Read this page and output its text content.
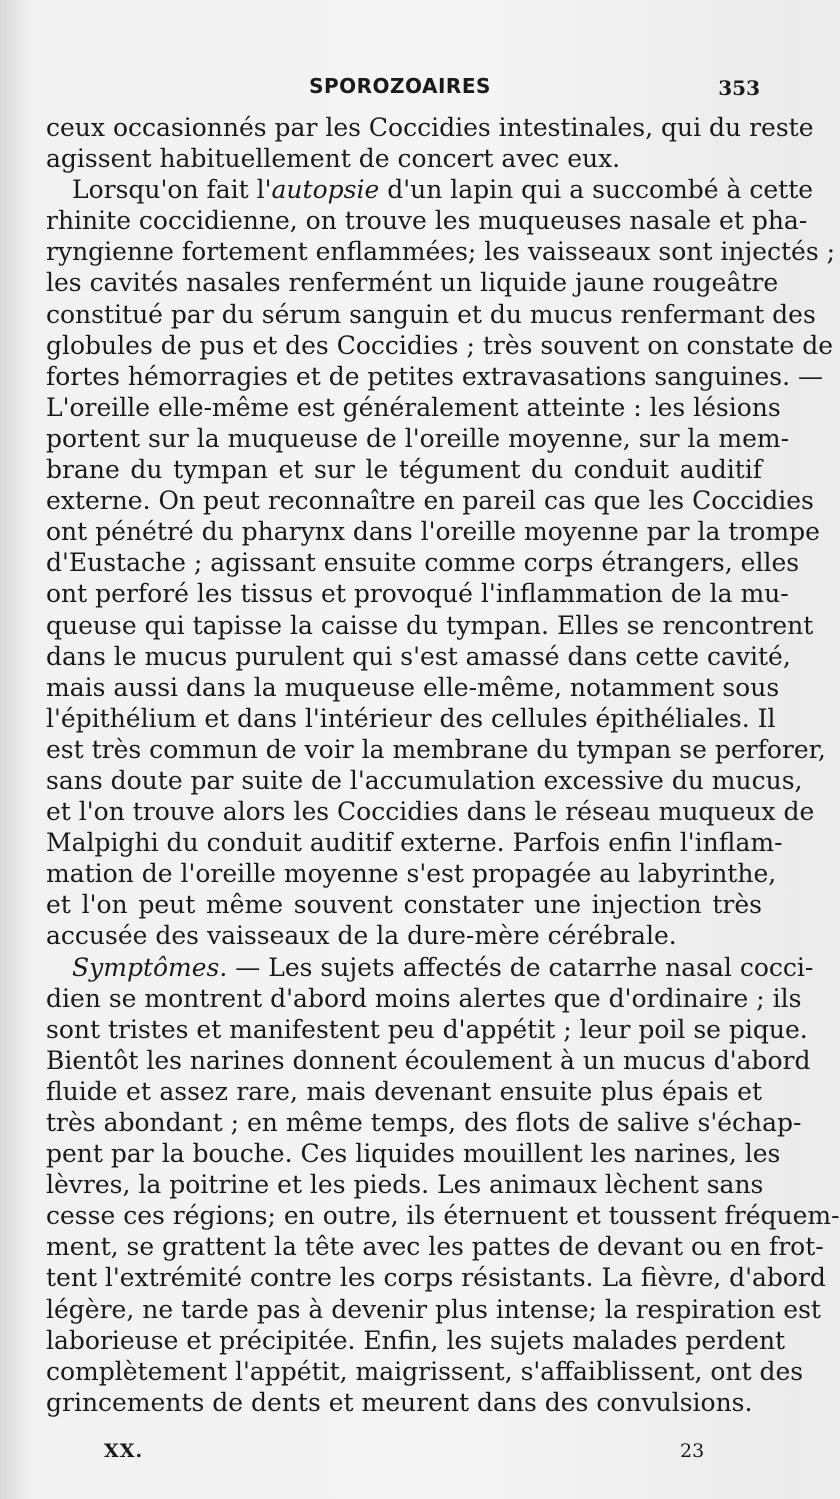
SPOROZOAIRES	353
ceux occasionnés par les Coccidies intestinales, qui du reste
agissent habituellement de concert avec eux.
Lorsqu'on fait l'autopsie d'un lapin qui a succombé à cette
rhinite coccidienne, on trouve les muqueuses nasale et pha-
ryngienne fortement enflammées; les vaisseaux sont injectés ;
les cavités nasales renfermént un liquide jaune rougeâtre
constitué par du sérum sanguin et du mucus renfermant des
globules de pus et des Coccidies ; très souvent on constate de
fortes hémorragies et de petites extravasations sanguines. —
L'oreille elle-même est généralement atteinte : les lésions
portent sur la muqueuse de l'oreille moyenne, sur la mem-
brane du tympan et sur le tégument du conduit auditif
externe. On peut reconnaître en pareil cas que les Coccidies
ont pénétré du pharynx dans l'oreille moyenne par la trompe
d'Eustache ; agissant ensuite comme corps étrangers, elles
ont perforé les tissus et provoqué l'inflammation de la mu-
queuse qui tapisse la caisse du tympan. Elles se rencontrent
dans le mucus purulent qui s'est amassé dans cette cavité,
mais aussi dans la muqueuse elle-même, notamment sous
l'épithélium et dans l'intérieur des cellules épithéliales. Il
est très commun de voir la membrane du tympan se perforer,
sans doute par suite de l'accumulation excessive du mucus,
et l'on trouve alors les Coccidies dans le réseau muqueux de
Malpighi du conduit auditif externe. Parfois enfin l'inflam-
mation de l'oreille moyenne s'est propagée au labyrinthe,
et l'on peut même souvent constater une injection très
accusée des vaisseaux de la dure-mère cérébrale.
Symptômes. — Les sujets affectés de catarrhe nasal cocci-
dien se montrent d'abord moins alertes que d'ordinaire ; ils
sont tristes et manifestent peu d'appétit ; leur poil se pique.
Bientôt les narines donnent écoulement à un mucus d'abord
fluide et assez rare, mais devenant ensuite plus épais et
très abondant ; en même temps, des flots de salive s'échap-
pent par la bouche. Ces liquides mouillent les narines, les
lèvres, la poitrine et les pieds. Les animaux lèchent sans
cesse ces régions; en outre, ils éternuent et toussent fréquem-
ment, se grattent la tête avec les pattes de devant ou en frot-
tent l'extrémité contre les corps résistants. La fièvre, d'abord
légère, ne tarde pas à devenir plus intense; la respiration est
laborieuse et précipitée. Enfin, les sujets malades perdent
complètement l'appétit, maigrissent, s'affaiblissent, ont des
grincements de dents et meurent dans des convulsions.
XX.	23
